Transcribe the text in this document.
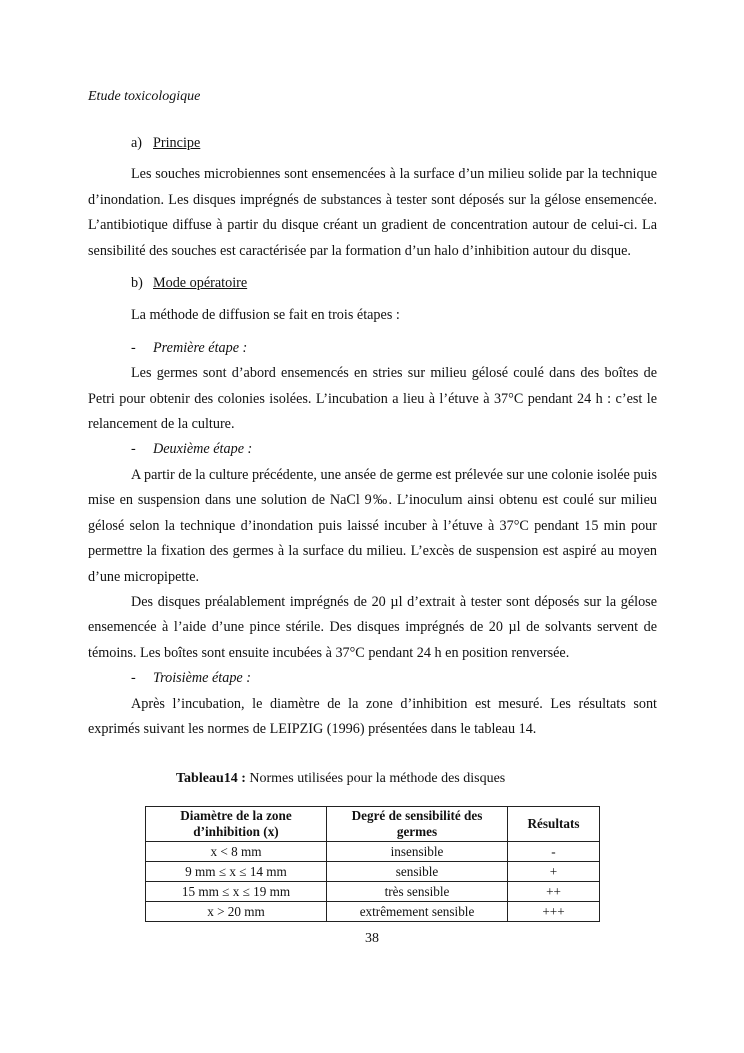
Etude toxicologique

a) Principe

Les souches microbiennes sont ensemencées à la surface d’un milieu solide par la technique d’inondation. Les disques imprégnés de substances à tester sont déposés sur la gélose ensemencée. L’antibiotique diffuse à partir du disque créant un gradient de concentration autour de celui-ci. La sensibilité des souches est caractérisée par la formation d’un halo d’inhibition autour du disque.

b) Mode opératoire

La méthode de diffusion se fait en trois étapes :

- Première étape :

Les germes sont d’abord ensemencés en stries sur milieu gélosé coulé dans des boîtes de Petri pour obtenir des colonies isolées. L’incubation a lieu à l’étuve à 37°C pendant 24 h : c’est le relancement de la culture.

- Deuxième étape :

A partir de la culture précédente, une ansée de germe est prélevée sur une colonie isolée puis mise en suspension dans une solution de NaCl 9‰. L’inoculum ainsi obtenu est coulé sur milieu gélosé selon la technique d’inondation puis laissé incuber à l’étuve à 37°C pendant 15 min pour permettre la fixation des germes à la surface du milieu. L’excès de suspension est aspiré au moyen d’une micropipette.

Des disques préalablement imprégnés de 20 µl d’extrait à tester sont déposés sur la gélose ensemencée à l’aide d’une pince stérile. Des disques imprégnés de 20 µl de solvants servent de témoins. Les boîtes sont ensuite incubées à 37°C pendant 24 h en position renversée.

- Troisième étape :

Après l’incubation, le diamètre de la zone d’inhibition est mesuré. Les résultats sont exprimés suivant les normes de LEIPZIG (1996) présentées dans le tableau 14.

Tableau14 : Normes utilisées pour la méthode des disques
Diamètre de la zone d’inhibition (x)	Degré de sensibilité des germes	Résultats
x < 8 mm	insensible	-
9 mm ≤ x ≤ 14 mm	sensible	+
15 mm ≤ x ≤ 19 mm	très sensible	++
x > 20 mm	extrêmement sensible	+++
38
